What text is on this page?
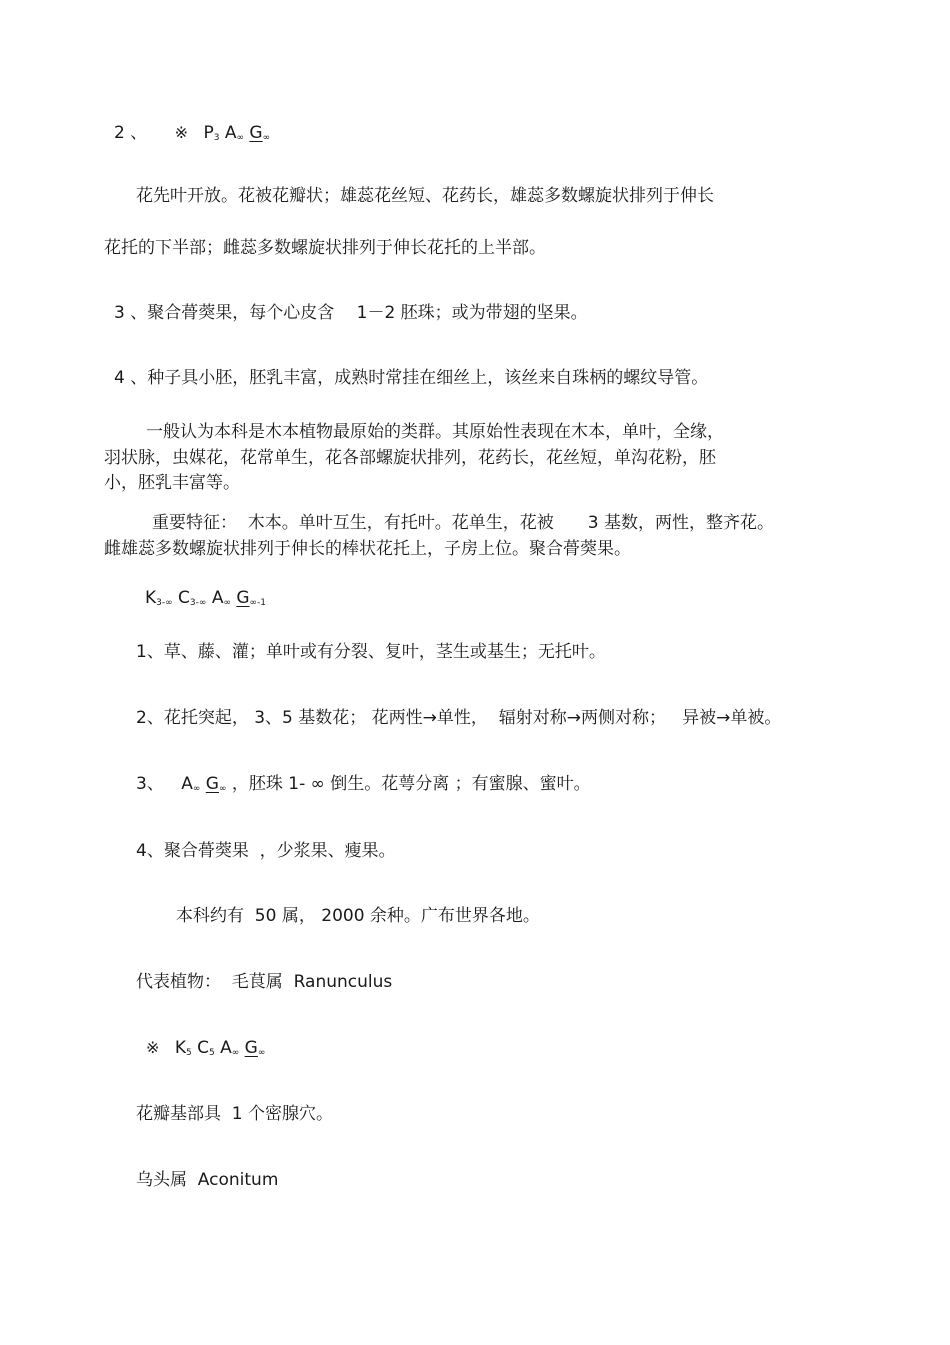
2 、 ※ $P_3$ $A_\infty$ $G_\infty$
花先叶开放。花被花瓣状；雄蕊花丝短、花药长，雄蕊多数螺旋状排列于伸长
花托的下半部；雌蕊多数螺旋状排列于伸长花托的上半部。
3 、聚合蓇葖果，每个心皮含　 1－2 胚珠；或为带翅的坚果。
4 、种子具小胚，胚乳丰富，成熟时常挂在细丝上，该丝来自珠柄的螺纹导管。
一般认为本科是木本植物最原始的类群。其原始性表现在木本，单叶，全缘，
羽状脉，虫媒花，花常单生，花各部螺旋状排列，花药长，花丝短，单沟花粉，胚
小，胚乳丰富等。
重要特征：  木本。单叶互生，有托叶。花单生，花被　　3 基数，两性，整齐花。
雌雄蕊多数螺旋状排列于伸长的棒状花托上，子房上位。聚合蓇葖果。
$K_{3-\infty}$ $C_{3-\infty}$ $A_\infty$ $G_{\infty-1}$
1、草、藤、灌；单叶或有分裂、复叶，茎生或基生；无托叶。
2、花托突起， 3、5 基数花； 花两性→单性，  辐射对称→两侧对称；   异被→单被。
3、 $A_\infty$ $G_\infty$ ，胚珠 1- ∞ 倒生。花萼分离 ；有蜜腺、蜜叶。
4、聚合蓇葖果  ，少浆果、瘦果。
本科约有  50 属， 2000 余种。广布世界各地。
代表植物：  毛茛属  Ranunculus
※ $K_5$ $C_5$ $A_\infty$ $G_\infty$
花瓣基部具  1 个密腺穴。
乌头属  Aconitum
